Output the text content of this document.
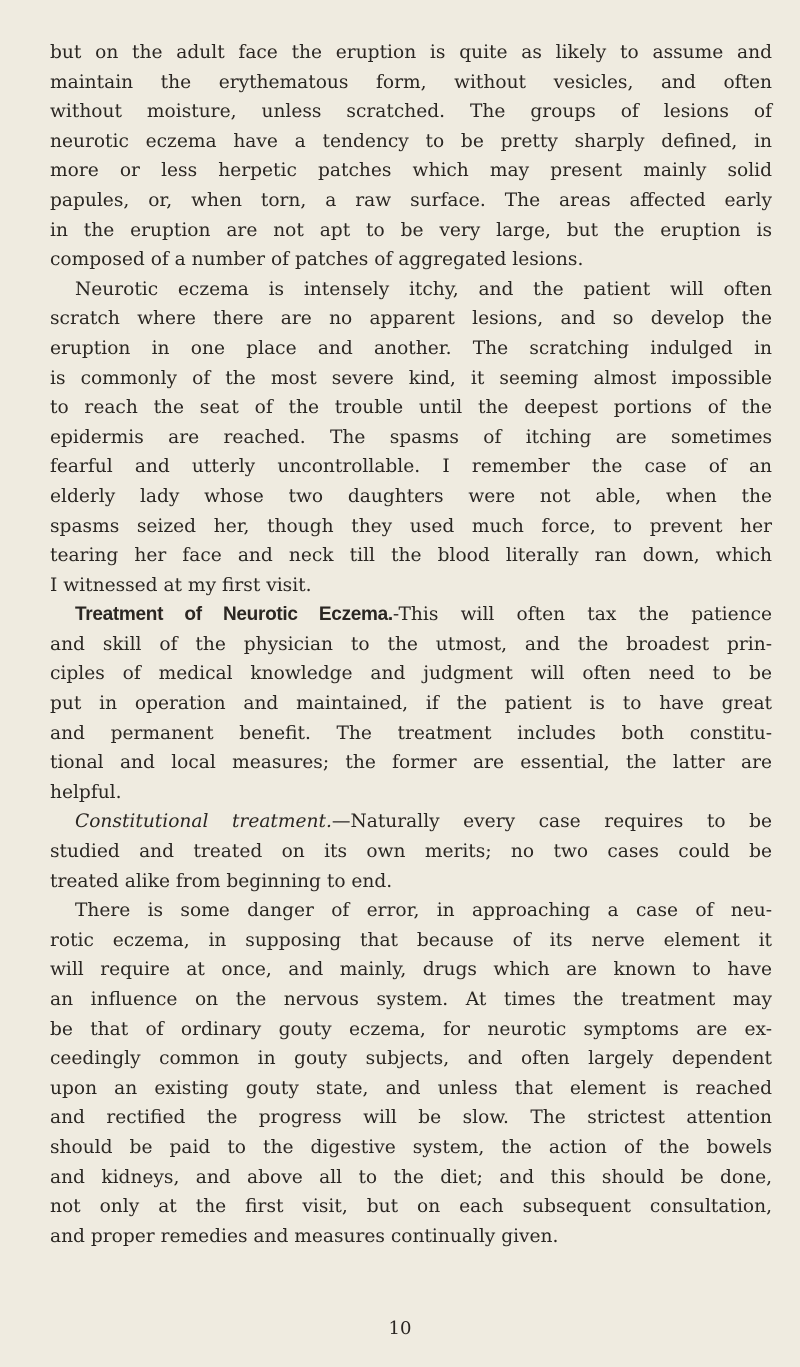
but on the adult face the eruption is quite as likely to assume and
maintain the erythematous form, without vesicles, and often
without moisture, unless scratched. The groups of lesions of
neurotic eczema have a tendency to be pretty sharply defined, in
more or less herpetic patches which may present mainly solid
papules, or, when torn, a raw surface. The areas affected early
in the eruption are not apt to be very large, but the eruption is
composed of a number of patches of aggregated lesions.
Neurotic eczema is intensely itchy, and the patient will often
scratch where there are no apparent lesions, and so develop the
eruption in one place and another. The scratching indulged in
is commonly of the most severe kind, it seeming almost impossible
to reach the seat of the trouble until the deepest portions of the
epidermis are reached. The spasms of itching are sometimes
fearful and utterly uncontrollable. I remember the case of an
elderly lady whose two daughters were not able, when the
spasms seized her, though they used much force, to prevent her
tearing her face and neck till the blood literally ran down, which
I witnessed at my first visit.
Treatment of Neurotic Eczema.-This will often tax the patience
and skill of the physician to the utmost, and the broadest prin-
ciples of medical knowledge and judgment will often need to be
put in operation and maintained, if the patient is to have great
and permanent benefit. The treatment includes both constitu-
tional and local measures; the former are essential, the latter are
helpful.
Constitutional treatment.—Naturally every case requires to be
studied and treated on its own merits; no two cases could be
treated alike from beginning to end.
There is some danger of error, in approaching a case of neu-
rotic eczema, in supposing that because of its nerve element it
will require at once, and mainly, drugs which are known to have
an influence on the nervous system. At times the treatment may
be that of ordinary gouty eczema, for neurotic symptoms are ex-
ceedingly common in gouty subjects, and often largely dependent
upon an existing gouty state, and unless that element is reached
and rectified the progress will be slow. The strictest attention
should be paid to the digestive system, the action of the bowels
and kidneys, and above all to the diet; and this should be done,
not only at the first visit, but on each subsequent consultation,
and proper remedies and measures continually given.
10
